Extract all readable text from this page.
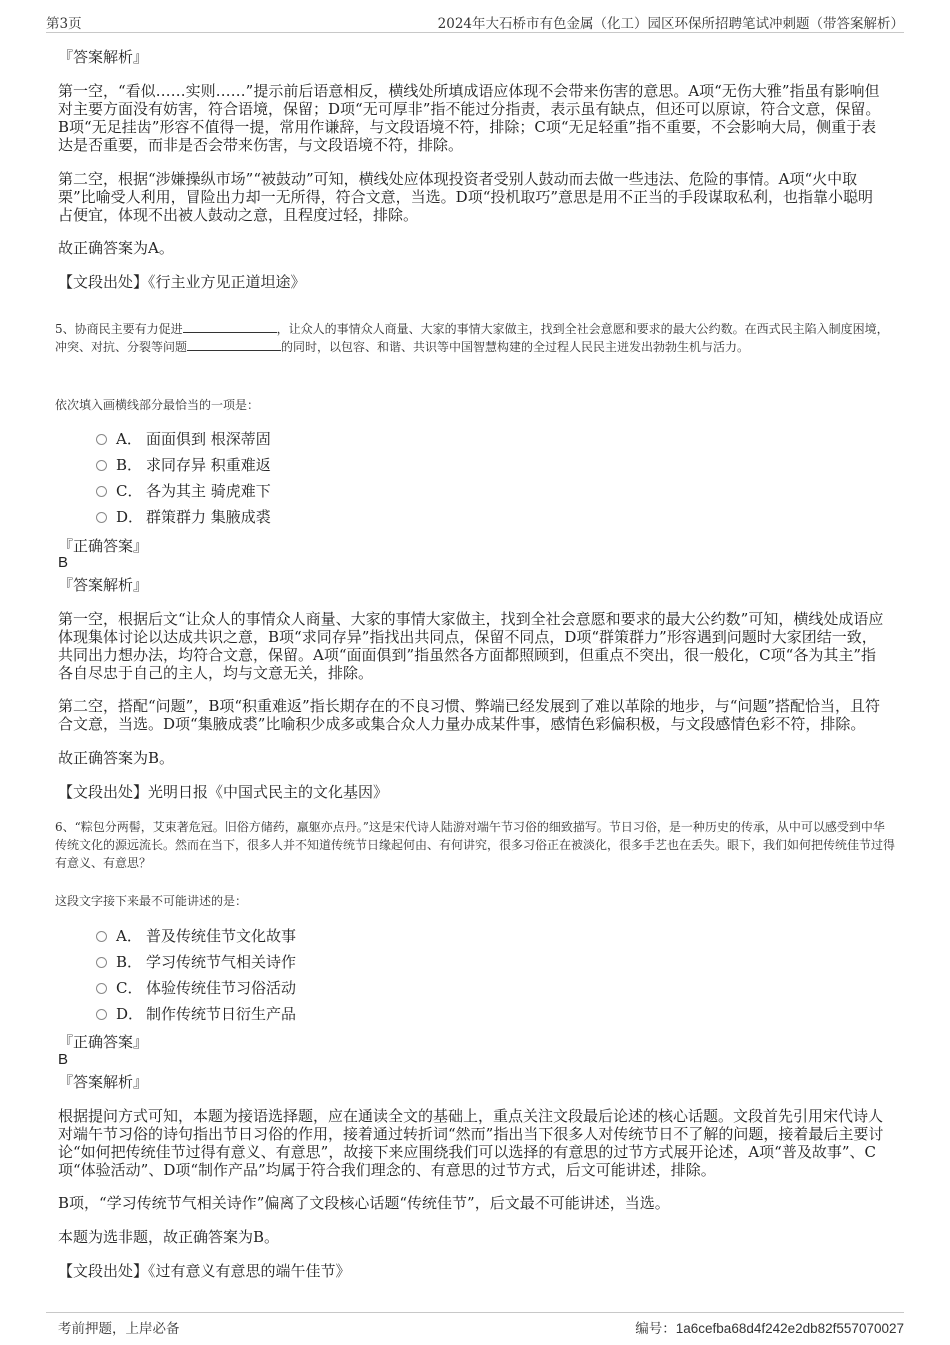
第3页	2024年大石桥市有色金属（化工）园区环保所招聘笔试冲刺题（带答案解析）

『答案解析』

第一空，“看似……实则……”提示前后语意相反，横线处所填成语应体现不会带来伤害的意思。A项“无伤大雅”指虽有影响但对主要方面没有妨害，符合语境，保留；D项“无可厚非”指不能过分指责，表示虽有缺点，但还可以原谅，符合文意，保留。B项“无足挂齿”形容不值得一提，常用作谦辞，与文段语境不符，排除；C项“无足轻重”指不重要，不会影响大局，侧重于表达是否重要，而非是否会带来伤害，与文段语境不符，排除。

第二空，根据“涉嫌操纵市场”“被鼓动”可知，横线处应体现投资者受别人鼓动而去做一些违法、危险的事情。A项“火中取栗”比喻受人利用，冒险出力却一无所得，符合文意，当选。D项“投机取巧”意思是用不正当的手段谋取私利，也指靠小聪明占便宜，体现不出被人鼓动之意，且程度过轻，排除。

故正确答案为A。

【文段出处】《行主业方见正道坦途》

5、协商民主要有力促进	，让众人的事情众人商量、大家的事情大家做主，找到全社会意愿和要求的最大公约数。在西式民主陷入制度困境，冲突、对抗、分裂等问题	的同时，以包容、和谐、共识等中国智慧构建的全过程人民民主迸发出勃勃生机与活力。

依次填入画横线部分最恰当的一项是：

A． 面面俱到 根深蒂固
B． 求同存异 积重难返
C． 各为其主 骑虎难下
D． 群策群力 集腋成裘

『正确答案』

B

『答案解析』

第一空，根据后文“让众人的事情众人商量、大家的事情大家做主，找到全社会意愿和要求的最大公约数”可知，横线处成语应体现集体讨论以达成共识之意，B项“求同存异”指找出共同点，保留不同点，D项“群策群力”形容遇到问题时大家团结一致，共同出力想办法，均符合文意，保留。A项“面面俱到”指虽然各方面都照顾到，但重点不突出，很一般化，C项“各为其主”指各自尽忠于自己的主人，均与文意无关，排除。

第二空，搭配“问题”，B项“积重难返”指长期存在的不良习惯、弊端已经发展到了难以革除的地步，与“问题”搭配恰当，且符合文意，当选。D项“集腋成裘”比喻积少成多或集合众人力量办成某件事，感情色彩偏积极，与文段感情色彩不符，排除。

故正确答案为B。

【文段出处】光明日报《中国式民主的文化基因》

6、“粽包分两髻，艾束著危冠。旧俗方储药，羸躯亦点丹。”这是宋代诗人陆游对端午节习俗的细致描写。节日习俗，是一种历史的传承，从中可以感受到中华传统文化的源远流长。然而在当下，很多人并不知道传统节日缘起何由、有何讲究，很多习俗正在被淡化，很多手艺也在丢失。眼下，我们如何把传统佳节过得有意义、有意思？

这段文字接下来最不可能讲述的是：

A． 普及传统佳节文化故事
B． 学习传统节气相关诗作
C． 体验传统佳节习俗活动
D． 制作传统节日衍生产品

『正确答案』

B

『答案解析』

根据提问方式可知，本题为接语选择题，应在通读全文的基础上，重点关注文段最后论述的核心话题。文段首先引用宋代诗人对端午节习俗的诗句指出节日习俗的作用，接着通过转折词“然而”指出当下很多人对传统节日不了解的问题，接着最后主要讨论“如何把传统佳节过得有意义、有意思”，故接下来应围绕我们可以选择的有意思的过节方式展开论述，A项“普及故事”、C项“体验活动”、D项“制作产品”均属于符合我们理念的、有意思的过节方式，后文可能讲述，排除。

B项，“学习传统节气相关诗作”偏离了文段核心话题“传统佳节”，后文最不可能讲述，当选。

本题为选非题，故正确答案为B。

【文段出处】《过有意义有意思的端午佳节》

考前押题，上岸必备	编号：1a6cefba68d4f242e2db82f557070027
